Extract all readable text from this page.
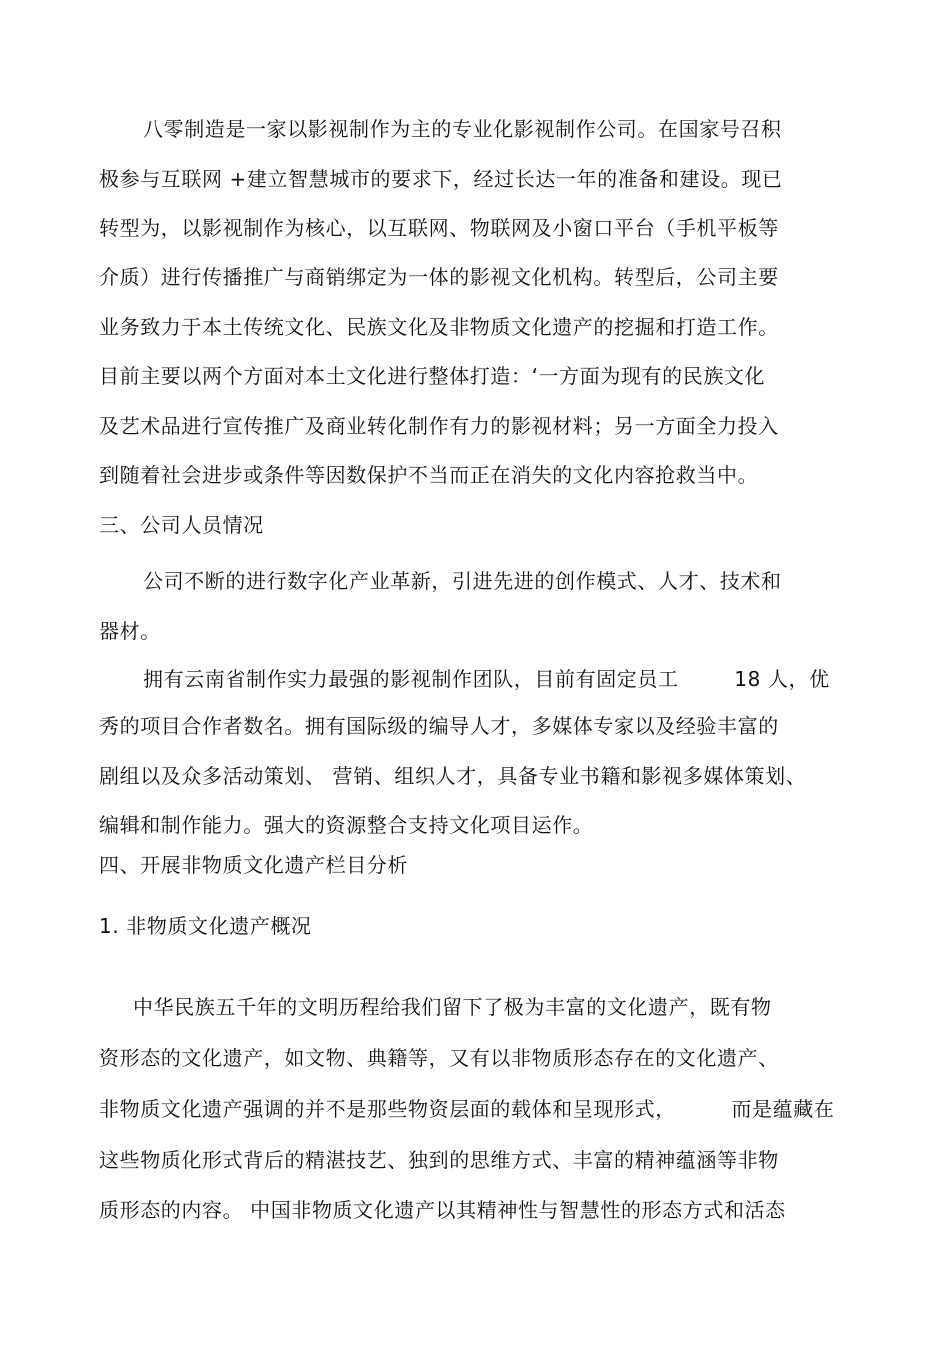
八零制造是一家以影视制作为主的专业化影视制作公司。在国家号召积
极参与互联网 +建立智慧城市的要求下，经过长达一年的准备和建设。现已
转型为，以影视制作为核心，以互联网、物联网及小窗口平台（手机平板等
介质）进行传播推广与商销绑定为一体的影视文化机构。转型后，公司主要
业务致力于本土传统文化、民族文化及非物质文化遗产的挖掘和打造工作。
目前主要以两个方面对本土文化进行整体打造：‘一方面为现有的民族文化
及艺术品进行宣传推广及商业转化制作有力的影视材料；另一方面全力投入
到随着社会进步或条件等因数保护不当而正在消失的文化内容抢救当中。
三、公司人员情况
公司不断的进行数字化产业革新，引进先进的创作模式、人才、技术和
器材。
拥有云南省制作实力最强的影视制作团队，目前有固定员工        18 人，优
秀的项目合作者数名。拥有国际级的编导人才，多媒体专家以及经验丰富的
剧组以及众多活动策划、 营销、组织人才，具备专业书籍和影视多媒体策划、
编辑和制作能力。强大的资源整合支持文化项目运作。
四、开展非物质文化遗产栏目分析
1. 非物质文化遗产概况
中华民族五千年的文明历程给我们留下了极为丰富的文化遗产，既有物
资形态的文化遗产，如文物、典籍等，又有以非物质形态存在的文化遗产、
非物质文化遗产强调的并不是那些物资层面的载体和呈现形式，        而是蕴藏在
这些物质化形式背后的精湛技艺、独到的思维方式、丰富的精神蕴涵等非物
质形态的内容。 中国非物质文化遗产以其精神性与智慧性的形态方式和活态
